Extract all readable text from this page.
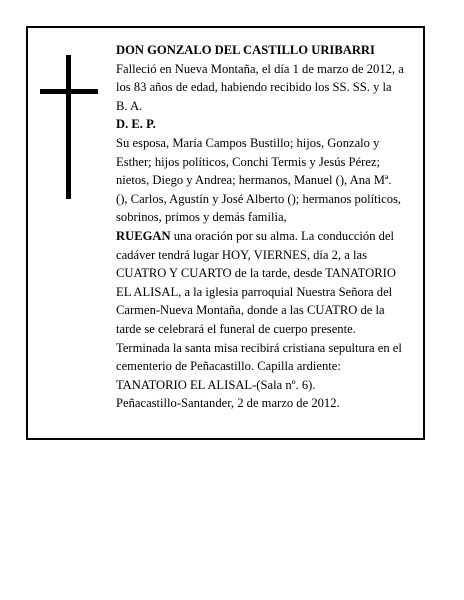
DON GONZALO DEL CASTILLO URIBARRI

Falleció en Nueva Montaña, el día 1 de marzo de 2012, a los 83 años de edad, habiendo recibido los SS. SS. y la B. A.

D. E. P.

Su esposa, María Campos Bustillo; hijos, Gonzalo y Esther; hijos políticos, Conchi Termis y Jesús Pérez; nietos, Diego y Andrea; hermanos, Manuel (), Ana Mª. (), Carlos, Agustín y José Alberto (); hermanos políticos, sobrinos, primos y demás familia,

RUEGAN una oración por su alma. La conducción del cadáver tendrá lugar HOY, VIERNES, día 2, a las CUATRO Y CUARTO de la tarde, desde TANATORIO EL ALISAL, a la iglesia parroquial Nuestra Señora del Carmen-Nueva Montaña, donde a las CUATRO de la tarde se celebrará el funeral de cuerpo presente. Terminada la santa misa recibirá cristiana sepultura en el cementerio de Peñacastillo. Capilla ardiente: TANATORIO EL ALISAL-(Sala nº. 6).

Peñacastillo-Santander, 2 de marzo de 2012.
